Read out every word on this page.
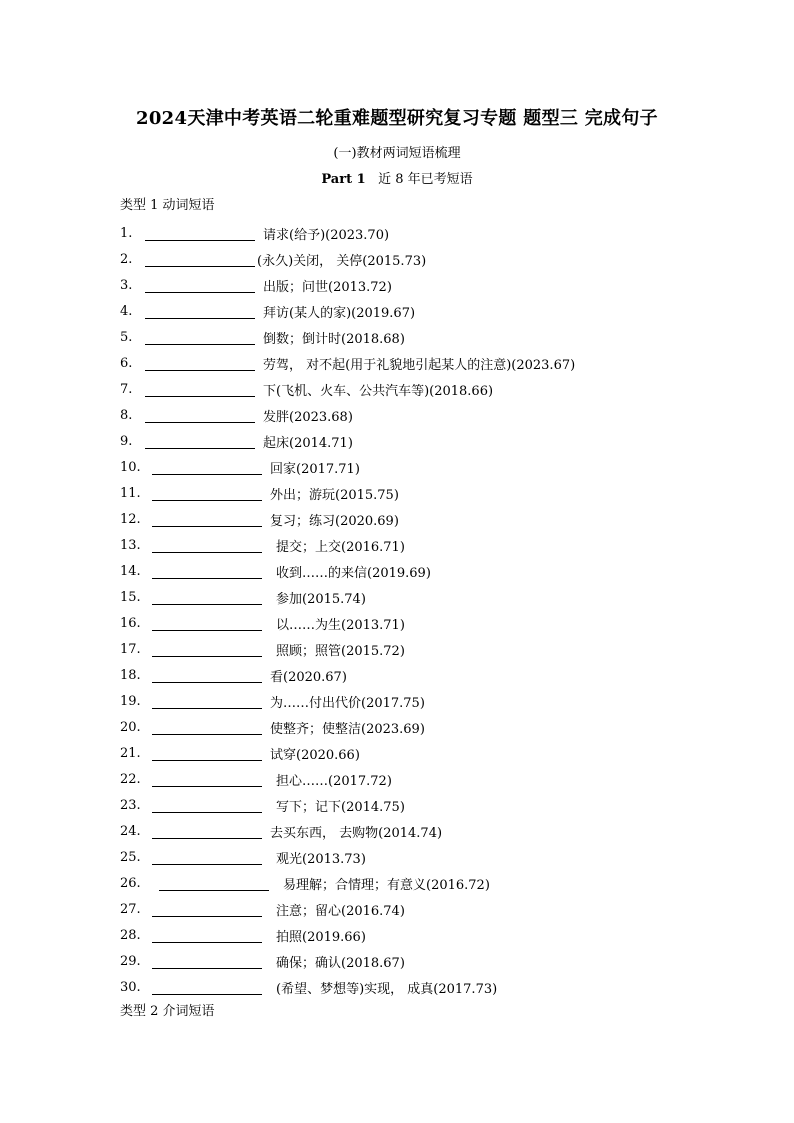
2024天津中考英语二轮重难题型研究复习专题 题型三 完成句子
(一)教材两词短语梳理
Part 1 近 8 年已考短语
类型 1 动词短语
1.	请求(给予)(2023.70)
2.	(永久)关闭， 关停(2015.73)
3.	出版；问世(2013.72)
4.	拜访(某人的家)(2019.67)
5.	倒数；倒计时(2018.68)
6.	劳驾， 对不起(用于礼貌地引起某人的注意)(2023.67)
7.	下(飞机、火车、公共汽车等)(2018.66)
8.	发胖(2023.68)
9.	起床(2014.71)
10.	回家(2017.71)
11.	外出；游玩(2015.75)
12.	复习；练习(2020.69)
13.	提交；上交(2016.71)
14.	收到……的来信(2019.69)
15.	参加(2015.74)
16.	以……为生(2013.71)
17.	照顾；照管(2015.72)
18.	看(2020.67)
19.	为……付出代价(2017.75)
20.	使整齐；使整洁(2023.69)
21.	试穿(2020.66)
22.	担心……(2017.72)
23.	写下；记下(2014.75)
24.	去买东西， 去购物(2014.74)
25.	观光(2013.73)
26.	易理解；合情理；有意义(2016.72)
27.	注意；留心(2016.74)
28.	拍照(2019.66)
29.	确保；确认(2018.67)
30.	(希望、梦想等)实现， 成真(2017.73)
类型 2 介词短语
